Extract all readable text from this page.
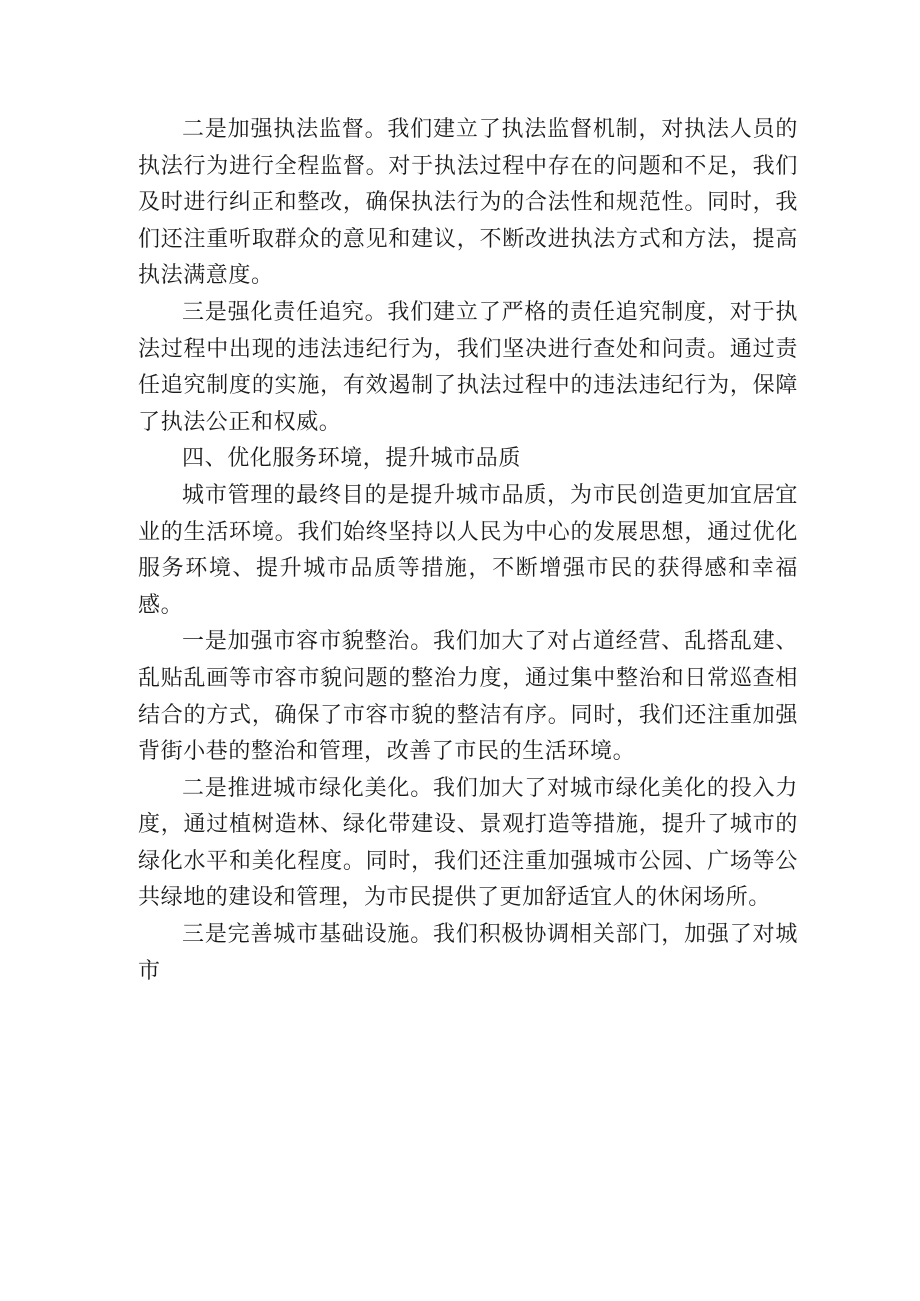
二是加强执法监督。我们建立了执法监督机制，对执法人员的执法行为进行全程监督。对于执法过程中存在的问题和不足，我们及时进行纠正和整改，确保执法行为的合法性和规范性。同时，我们还注重听取群众的意见和建议，不断改进执法方式和方法，提高执法满意度。

三是强化责任追究。我们建立了严格的责任追究制度，对于执法过程中出现的违法违纪行为，我们坚决进行查处和问责。通过责任追究制度的实施，有效遏制了执法过程中的违法违纪行为，保障了执法公正和权威。

四、优化服务环境，提升城市品质

城市管理的最终目的是提升城市品质，为市民创造更加宜居宜业的生活环境。我们始终坚持以人民为中心的发展思想，通过优化服务环境、提升城市品质等措施，不断增强市民的获得感和幸福感。

一是加强市容市貌整治。我们加大了对占道经营、乱搭乱建、乱贴乱画等市容市貌问题的整治力度，通过集中整治和日常巡查相结合的方式，确保了市容市貌的整洁有序。同时，我们还注重加强背街小巷的整治和管理，改善了市民的生活环境。

二是推进城市绿化美化。我们加大了对城市绿化美化的投入力度，通过植树造林、绿化带建设、景观打造等措施，提升了城市的绿化水平和美化程度。同时，我们还注重加强城市公园、广场等公共绿地的建设和管理，为市民提供了更加舒适宜人的休闲场所。

三是完善城市基础设施。我们积极协调相关部门，加强了对城市
